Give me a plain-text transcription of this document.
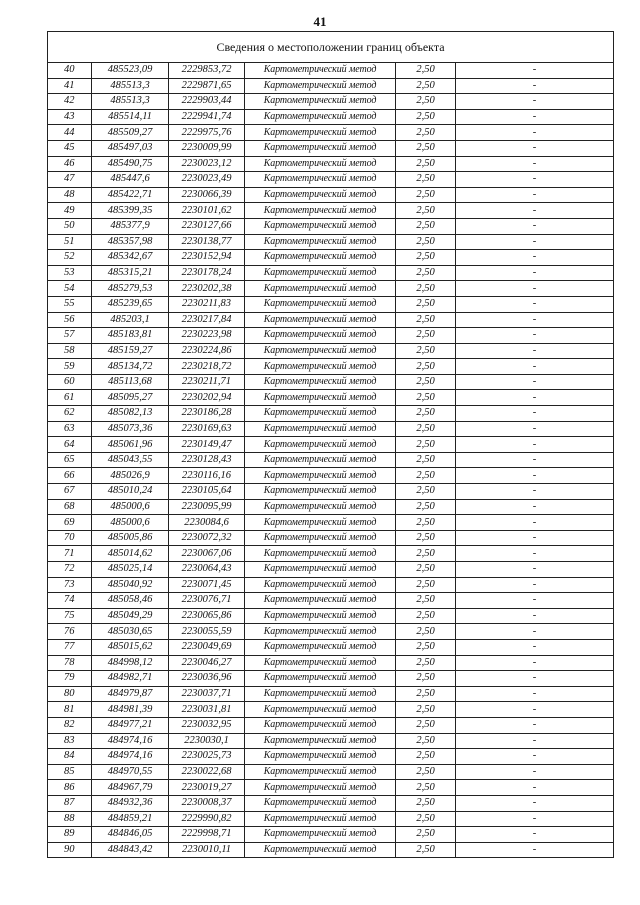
41
Сведения о местоположении границ объекта					
40	485523,09	2229853,72	Картометрический метод	2,50	-
41	485513,3	2229871,65	Картометрический метод	2,50	-
42	485513,3	2229903,44	Картометрический метод	2,50	-
43	485514,11	2229941,74	Картометрический метод	2,50	-
44	485509,27	2229975,76	Картометрический метод	2,50	-
45	485497,03	2230009,99	Картометрический метод	2,50	-
46	485490,75	2230023,12	Картометрический метод	2,50	-
47	485447,6	2230023,49	Картометрический метод	2,50	-
48	485422,71	2230066,39	Картометрический метод	2,50	-
49	485399,35	2230101,62	Картометрический метод	2,50	-
50	485377,9	2230127,66	Картометрический метод	2,50	-
51	485357,98	2230138,77	Картометрический метод	2,50	-
52	485342,67	2230152,94	Картометрический метод	2,50	-
53	485315,21	2230178,24	Картометрический метод	2,50	-
54	485279,53	2230202,38	Картометрический метод	2,50	-
55	485239,65	2230211,83	Картометрический метод	2,50	-
56	485203,1	2230217,84	Картометрический метод	2,50	-
57	485183,81	2230223,98	Картометрический метод	2,50	-
58	485159,27	2230224,86	Картометрический метод	2,50	-
59	485134,72	2230218,72	Картометрический метод	2,50	-
60	485113,68	2230211,71	Картометрический метод	2,50	-
61	485095,27	2230202,94	Картометрический метод	2,50	-
62	485082,13	2230186,28	Картометрический метод	2,50	-
63	485073,36	2230169,63	Картометрический метод	2,50	-
64	485061,96	2230149,47	Картометрический метод	2,50	-
65	485043,55	2230128,43	Картометрический метод	2,50	-
66	485026,9	2230116,16	Картометрический метод	2,50	-
67	485010,24	2230105,64	Картометрический метод	2,50	-
68	485000,6	2230095,99	Картометрический метод	2,50	-
69	485000,6	2230084,6	Картометрический метод	2,50	-
70	485005,86	2230072,32	Картометрический метод	2,50	-
71	485014,62	2230067,06	Картометрический метод	2,50	-
72	485025,14	2230064,43	Картометрический метод	2,50	-
73	485040,92	2230071,45	Картометрический метод	2,50	-
74	485058,46	2230076,71	Картометрический метод	2,50	-
75	485049,29	2230065,86	Картометрический метод	2,50	-
76	485030,65	2230055,59	Картометрический метод	2,50	-
77	485015,62	2230049,69	Картометрический метод	2,50	-
78	484998,12	2230046,27	Картометрический метод	2,50	-
79	484982,71	2230036,96	Картометрический метод	2,50	-
80	484979,87	2230037,71	Картометрический метод	2,50	-
81	484981,39	2230031,81	Картометрический метод	2,50	-
82	484977,21	2230032,95	Картометрический метод	2,50	-
83	484974,16	2230030,1	Картометрический метод	2,50	-
84	484974,16	2230025,73	Картометрический метод	2,50	-
85	484970,55	2230022,68	Картометрический метод	2,50	-
86	484967,79	2230019,27	Картометрический метод	2,50	-
87	484932,36	2230008,37	Картометрический метод	2,50	-
88	484859,21	2229990,82	Картометрический метод	2,50	-
89	484846,05	2229998,71	Картометрический метод	2,50	-
90	484843,42	2230010,11	Картометрический метод	2,50	-
